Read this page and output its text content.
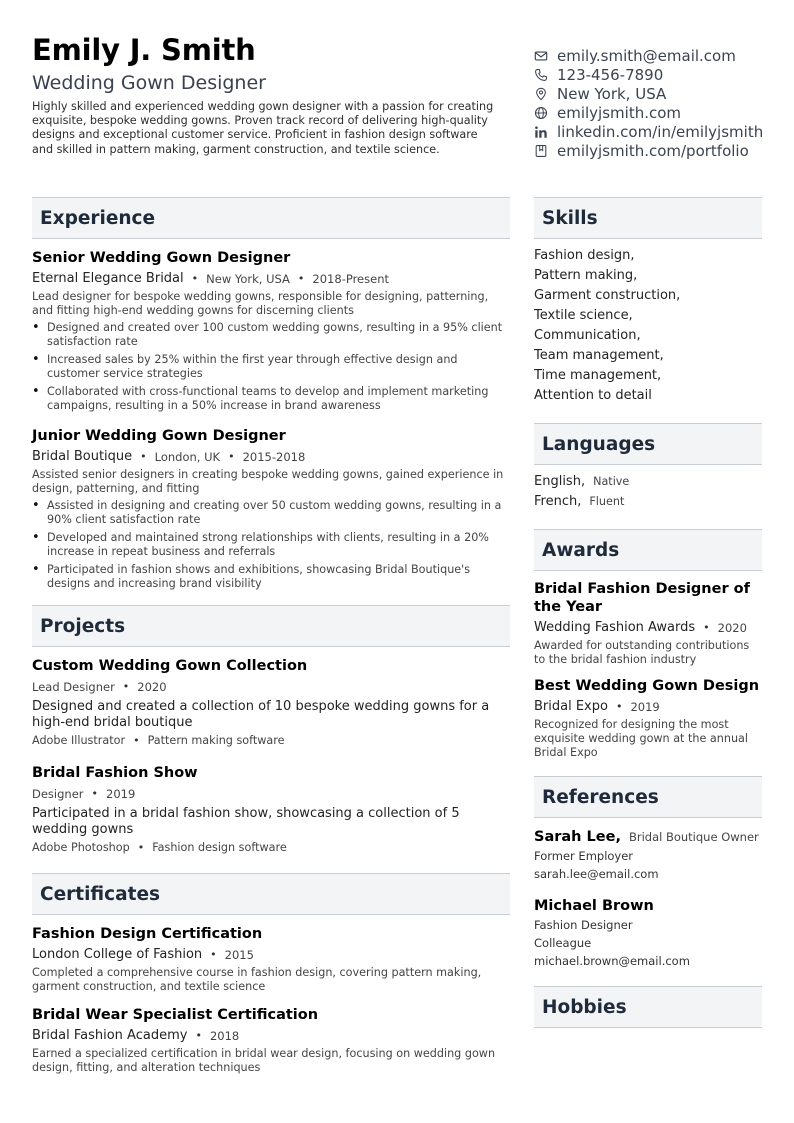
Emily J. Smith
Wedding Gown Designer
Highly skilled and experienced wedding gown designer with a passion for creating exquisite, bespoke wedding gowns. Proven track record of delivering high-quality designs and exceptional customer service. Proficient in fashion design software and skilled in pattern making, garment construction, and textile science.
emily.smith@email.com
123-456-7890
New York, USA
emilyjsmith.com
linkedin.com/in/emilyjsmith
emilyjsmith.com/portfolio
Experience
Senior Wedding Gown Designer
Eternal Elegance Bridal • New York, USA • 2018-Present
Lead designer for bespoke wedding gowns, responsible for designing, patterning, and fitting high-end wedding gowns for discerning clients
• Designed and created over 100 custom wedding gowns, resulting in a 95% client satisfaction rate
• Increased sales by 25% within the first year through effective design and customer service strategies
• Collaborated with cross-functional teams to develop and implement marketing campaigns, resulting in a 50% increase in brand awareness
Junior Wedding Gown Designer
Bridal Boutique • London, UK • 2015-2018
Assisted senior designers in creating bespoke wedding gowns, gained experience in design, patterning, and fitting
• Assisted in designing and creating over 50 custom wedding gowns, resulting in a 90% client satisfaction rate
• Developed and maintained strong relationships with clients, resulting in a 20% increase in repeat business and referrals
• Participated in fashion shows and exhibitions, showcasing Bridal Boutique's designs and increasing brand visibility
Projects
Custom Wedding Gown Collection
Lead Designer • 2020
Designed and created a collection of 10 bespoke wedding gowns for a high-end bridal boutique
Adobe Illustrator • Pattern making software
Bridal Fashion Show
Designer • 2019
Participated in a bridal fashion show, showcasing a collection of 5 wedding gowns
Adobe Photoshop • Fashion design software
Certificates
Fashion Design Certification
London College of Fashion • 2015
Completed a comprehensive course in fashion design, covering pattern making, garment construction, and textile science
Bridal Wear Specialist Certification
Bridal Fashion Academy • 2018
Earned a specialized certification in bridal wear design, focusing on wedding gown design, fitting, and alteration techniques
Skills
Fashion design,
Pattern making,
Garment construction,
Textile science,
Communication,
Team management,
Time management,
Attention to detail
Languages
English, Native
French, Fluent
Awards
Bridal Fashion Designer of the Year
Wedding Fashion Awards • 2020
Awarded for outstanding contributions to the bridal fashion industry
Best Wedding Gown Design
Bridal Expo • 2019
Recognized for designing the most exquisite wedding gown at the annual Bridal Expo
References
Sarah Lee, Bridal Boutique Owner
Former Employer
sarah.lee@email.com
Michael Brown
Fashion Designer
Colleague
michael.brown@email.com
Hobbies
